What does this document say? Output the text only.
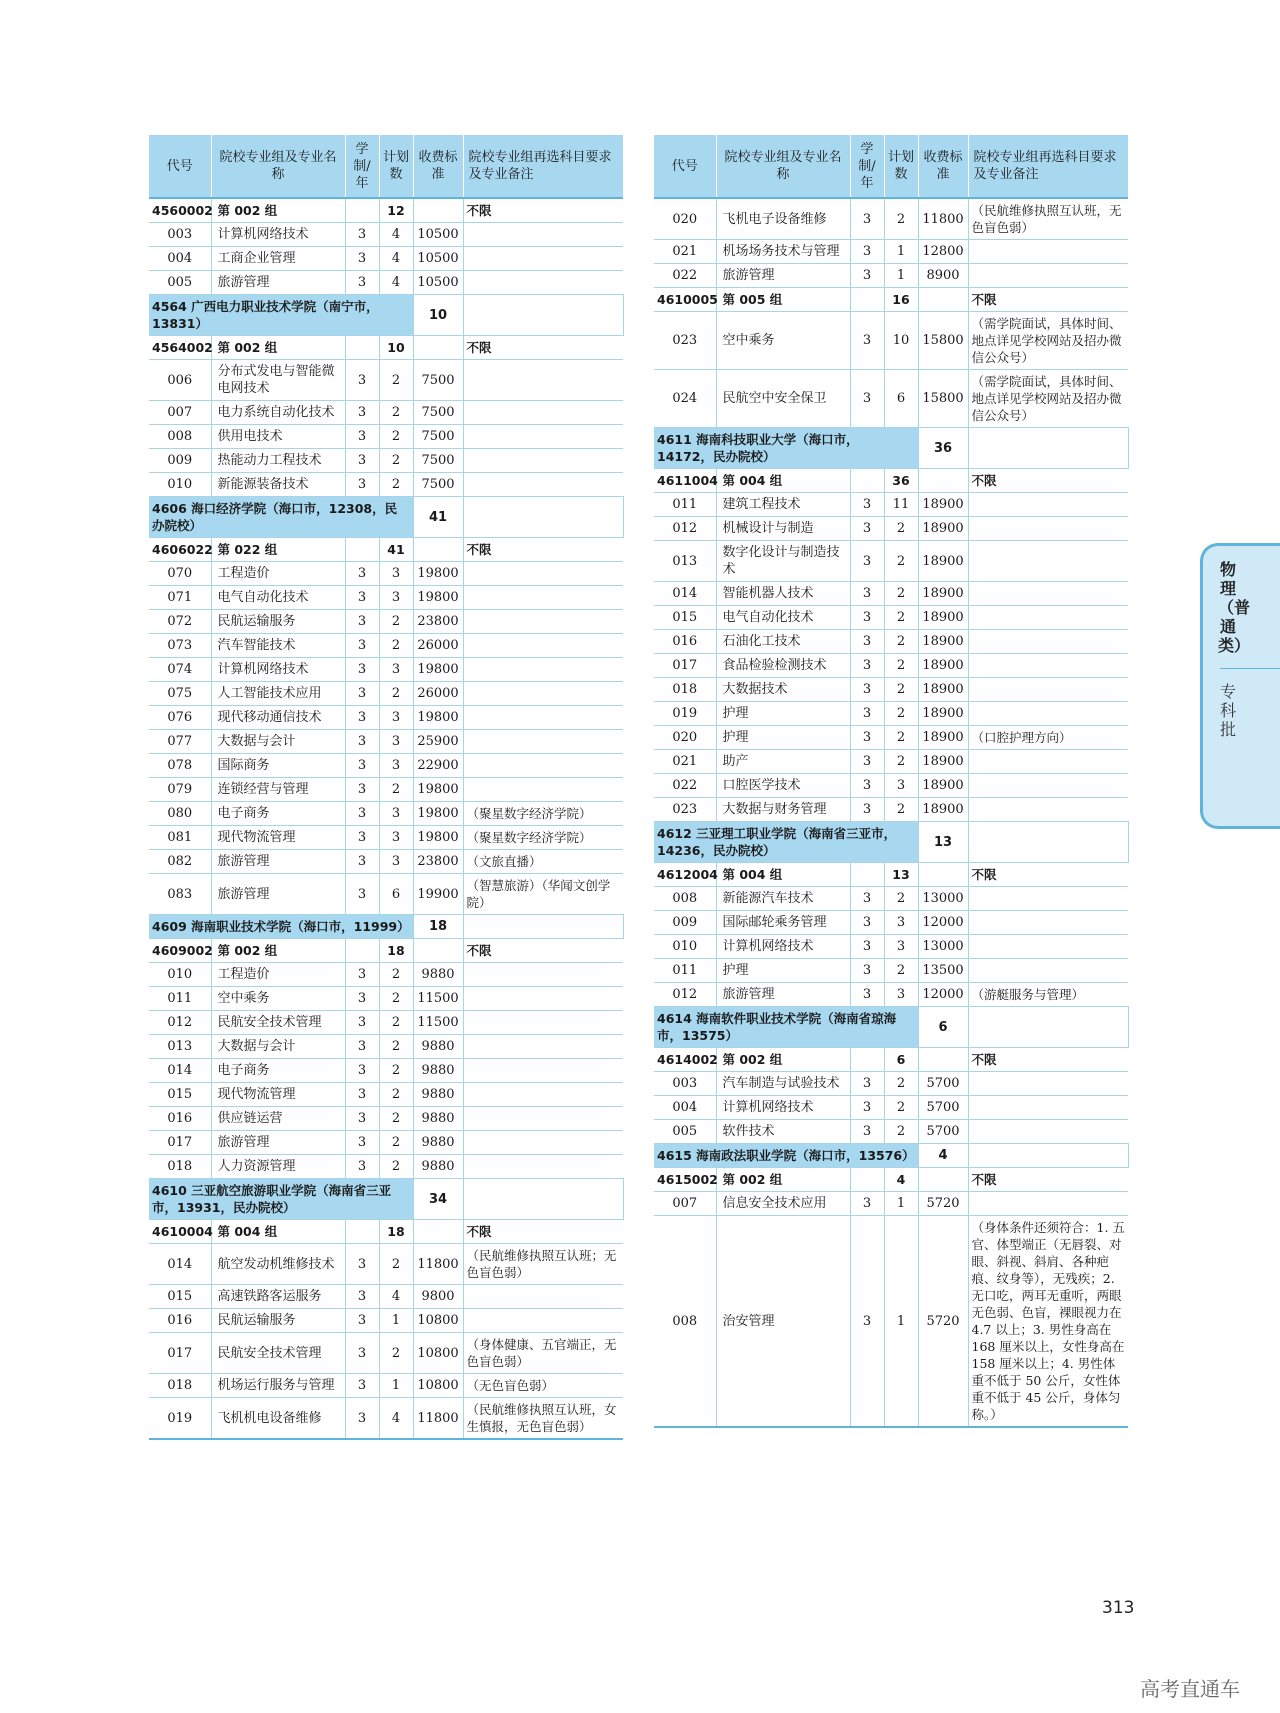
代号	院校专业组及专业名称	学制/年	计划数	收费标准	院校专业组再选科目要求及专业备注	
4560002	第 002 组		12		不限	
003	计算机网络技术	3	4	10500		
004	工商企业管理	3	4	10500		
005	旅游管理	3	4	10500		
4564 广西电力职业技术学院（南宁市，13831）				10		
4564002	第 002 组		10		不限	
006	分布式发电与智能微电网技术	3	2	7500		
007	电力系统自动化技术	3	2	7500		
008	供用电技术	3	2	7500		
009	热能动力工程技术	3	2	7500		
010	新能源装备技术	3	2	7500		
4606 海口经济学院（海口市，12308，民办院校）				41		
4606022	第 022 组		41		不限	
070	工程造价	3	3	19800		
071	电气自动化技术	3	3	19800		
072	民航运输服务	3	2	23800		
073	汽车智能技术	3	2	26000		
074	计算机网络技术	3	3	19800		
075	人工智能技术应用	3	2	26000		
076	现代移动通信技术	3	3	19800		
077	大数据与会计	3	3	25900		
078	国际商务	3	3	22900		
079	连锁经营与管理	3	2	19800		
080	电子商务	3	3	19800	（聚星数字经济学院）	
081	现代物流管理	3	3	19800	（聚星数字经济学院）	
082	旅游管理	3	3	23800	（文旅直播）	
083	旅游管理	3	6	19900	（智慧旅游）（华闻文创学院）	
4609 海南职业技术学院（海口市，11999）				18		
4609002	第 002 组		18		不限	
010	工程造价	3	2	9880		
011	空中乘务	3	2	11500		
012	民航安全技术管理	3	2	11500		
013	大数据与会计	3	2	9880		
014	电子商务	3	2	9880		
015	现代物流管理	3	2	9880		
016	供应链运营	3	2	9880		
017	旅游管理	3	2	9880		
018	人力资源管理	3	2	9880		
4610 三亚航空旅游职业学院（海南省三亚市，13931，民办院校）				34		
4610004	第 004 组		18		不限	
014	航空发动机维修技术	3	2	11800	（民航维修执照互认班；无色盲色弱）	
015	高速铁路客运服务	3	4	9800		
016	民航运输服务	3	1	10800		
017	民航安全技术管理	3	2	10800	（身体健康、五官端正，无色盲色弱）	
018	机场运行服务与管理	3	1	10800	（无色盲色弱）	
019	飞机机电设备维修	3	4	11800	（民航维修执照互认班，女生慎报，无色盲色弱）	
代号	院校专业组及专业名称	学制/年	计划数	收费标准	院校专业组再选科目要求及专业备注	
020	飞机电子设备维修	3	2	11800	（民航维修执照互认班，无色盲色弱）	
021	机场场务技术与管理	3	1	12800		
022	旅游管理	3	1	8900		
4610005	第 005 组		16		不限	
023	空中乘务	3	10	15800	（需学院面试，具体时间、地点详见学校网站及招办微信公众号）	
024	民航空中安全保卫	3	6	15800	（需学院面试，具体时间、地点详见学校网站及招办微信公众号）	
4611 海南科技职业大学（海口市，14172，民办院校）				36		
4611004	第 004 组		36		不限	
011	建筑工程技术	3	11	18900		
012	机械设计与制造	3	2	18900		
013	数字化设计与制造技术	3	2	18900		
014	智能机器人技术	3	2	18900		
015	电气自动化技术	3	2	18900		
016	石油化工技术	3	2	18900		
017	食品检验检测技术	3	2	18900		
018	大数据技术	3	2	18900		
019	护理	3	2	18900		
020	护理	3	2	18900	（口腔护理方向）	
021	助产	3	2	18900		
022	口腔医学技术	3	3	18900		
023	大数据与财务管理	3	2	18900		
4612 三亚理工职业学院（海南省三亚市，14236，民办院校）				13		
4612004	第 004 组		13		不限	
008	新能源汽车技术	3	2	13000		
009	国际邮轮乘务管理	3	3	12000		
010	计算机网络技术	3	3	13000		
011	护理	3	2	13500		
012	旅游管理	3	3	12000	（游艇服务与管理）	
4614 海南软件职业技术学院（海南省琼海市，13575）				6		
4614002	第 002 组		6		不限	
003	汽车制造与试验技术	3	2	5700		
004	计算机网络技术	3	2	5700		
005	软件技术	3	2	5700		
4615 海南政法职业学院（海口市，13576）				4		
4615002	第 002 组		4		不限	
007	信息安全技术应用	3	1	5720		
008	治安管理	3	1	5720	（身体条件还须符合：1. 五官、体型端正（无唇裂、对眼、斜视、斜肩、各种疤痕、纹身等），无残疾；2. 无口吃，两耳无重听，两眼无色弱、色盲，裸眼视力在 4.7 以上；3. 男性身高在 168 厘米以上，女性身高在 158 厘米以上；4. 男性体重不低于 50 公斤，女性体重不低于 45 公斤，身体匀称。）	
物理（普通类）
专科批
313
高考直通车
